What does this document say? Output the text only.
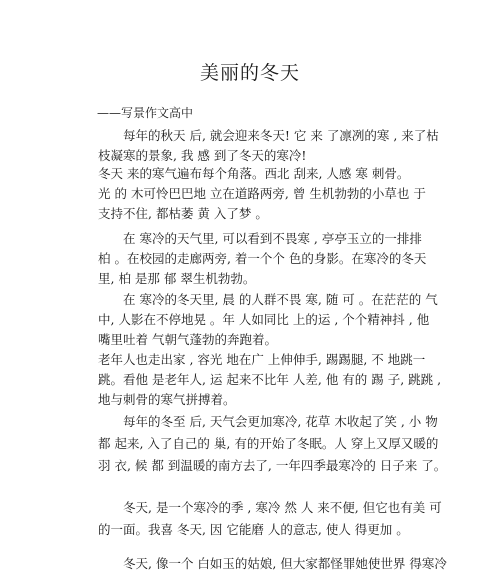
美丽的冬天
——写景作文高中
　　每年的秋天 后, 就会迎来冬天! 它 来 了凛冽的寒 , 来了枯
枝凝寒的景象, 我 感 到了冬天的寒冷!
冬天 来的寒气遍布每个角落。西北 刮来, 人感 寒 刺骨。
光 的 木可怜巴巴地 立在道路两旁, 曾 生机勃勃的小草也 于
支持不住, 都枯萎 黄 入了梦 。
　　在 寒冷的天气里, 可以看到不畏寒 , 亭亭玉立的一排排
柏 。在校园的走廊两旁, 着一个个 色的身影。在寒冷的冬天
里, 柏 是那 郁 翠生机勃勃。
　　在 寒冷的冬天里, 晨 的人群不畏 寒, 随 可 。在茫茫的 气
中, 人影在不停地晃 。年 人如同比 上的运 , 个个精神抖 , 他
嘴里吐着 气朝气蓬勃的奔跑着。
老年人也走出家 , 容光 地在广 上伸伸手, 踢踢腿, 不 地跳一
跳。看他 是老年人, 运 起来不比年 人差, 他 有的 踢 子, 跳跳 ,
地与刺骨的寒气拼搏着。
　　每年的冬至 后, 天气会更加寒冷, 花草 木收起了笑 , 小 物
都 起来, 入了自己的 巢, 有的开始了冬眠。人 穿上又厚又暖的
羽 衣, 候 都 到温暖的南方去了, 一年四季最寒冷的 日子来 了。
　　冬天, 是一个寒冷的季 , 寒冷 然 人 来不便, 但它也有美 可
的一面。我喜 冬天, 因 它能磨 人的意志, 使人 得更加 。
　　冬天, 像一个 白如玉的姑娘, 但大家都怪罪她使世界 得寒冷
